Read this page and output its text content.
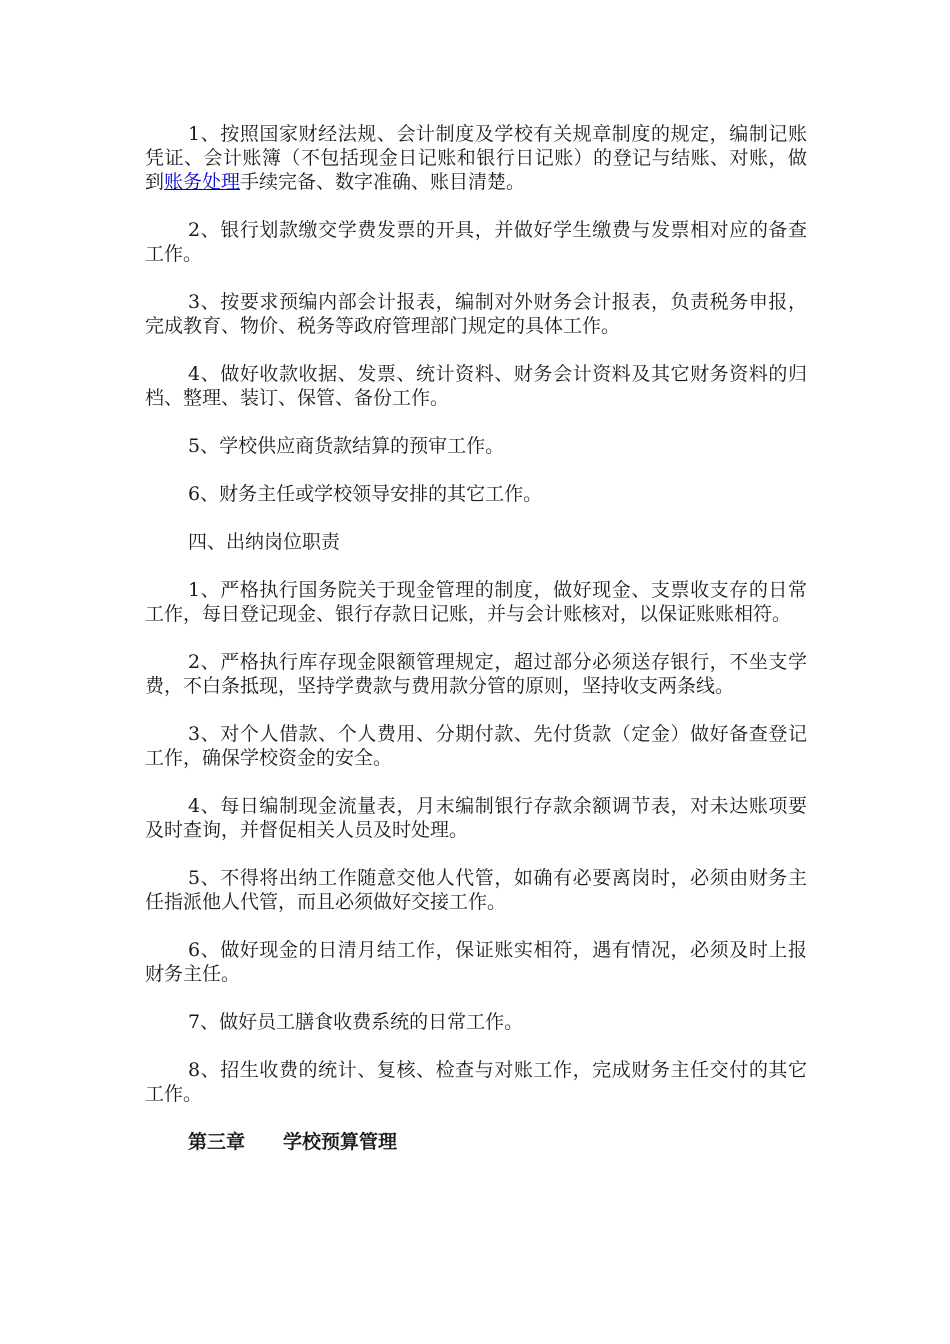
1、按照国家财经法规、会计制度及学校有关规章制度的规定，编制记账凭证、会计账簿（不包括现金日记账和银行日记账）的登记与结账、对账，做到账务处理手续完备、数字准确、账目清楚。

2、银行划款缴交学费发票的开具，并做好学生缴费与发票相对应的备查工作。

3、按要求预编内部会计报表，编制对外财务会计报表，负责税务申报，完成教育、物价、税务等政府管理部门规定的具体工作。

4、做好收款收据、发票、统计资料、财务会计资料及其它财务资料的归档、整理、装订、保管、备份工作。

5、学校供应商货款结算的预审工作。

6、财务主任或学校领导安排的其它工作。

四、出纳岗位职责

1、严格执行国务院关于现金管理的制度，做好现金、支票收支存的日常工作，每日登记现金、银行存款日记账，并与会计账核对，以保证账账相符。

2、严格执行库存现金限额管理规定，超过部分必须送存银行，不坐支学费，不白条抵现，坚持学费款与费用款分管的原则，坚持收支两条线。

3、对个人借款、个人费用、分期付款、先付货款（定金）做好备查登记工作，确保学校资金的安全。

4、每日编制现金流量表，月末编制银行存款余额调节表，对未达账项要及时查询，并督促相关人员及时处理。

5、不得将出纳工作随意交他人代管，如确有必要离岗时，必须由财务主任指派他人代管，而且必须做好交接工作。

6、做好现金的日清月结工作，保证账实相符，遇有情况，必须及时上报财务主任。

7、做好员工膳食收费系统的日常工作。

8、招生收费的统计、复核、检查与对账工作，完成财务主任交付的其它工作。

第三章 学校预算管理
